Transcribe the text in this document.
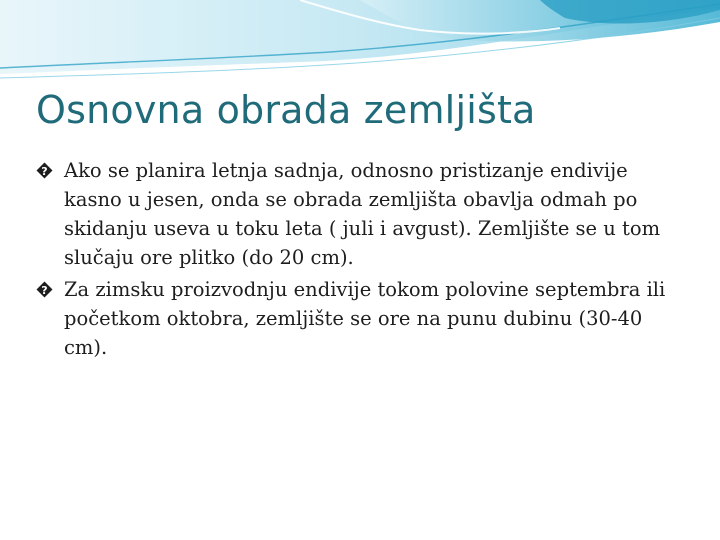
Osnovna obrada zemljišta
? Ako se planira letnja sadnja, odnosno pristizanje endivije kasno u jesen, onda se obrada zemljišta obavlja odmah po skidanju useva u toku leta ( juli i avgust). Zemljište se u tom slučaju ore plitko (do 20 cm).
? Za zimsku proizvodnju endivije tokom polovine septembra ili početkom oktobra, zemljište se ore na punu dubinu (30-40 cm).
